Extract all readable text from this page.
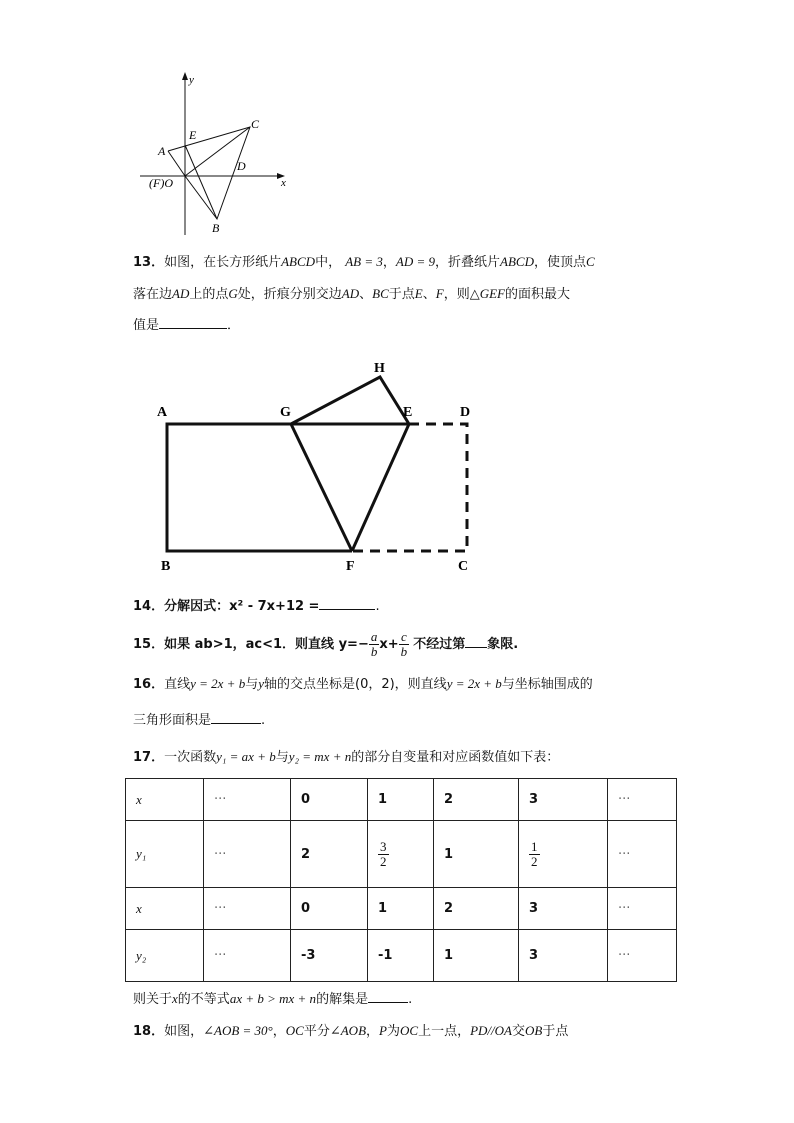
y
x
A
C
E
D
B
(F)O
13．如图，在长方形纸片ABCD中， AB = 3，AD = 9，折叠纸片ABCD，使顶点C
落在边AD上的点G处，折痕分别交边AD、BC于点E、F，则△GEF的面积最大
值是	．
A	G	E	D
H
B	F	C
14．分解因式：x² - 7x+12 =	.
15．如果 ab>1，ac<1．则直线 $y=- \frac{a}{b} x+ \frac{c}{b}$ 不经过第 象限.
16．直线y = 2x + b与y轴的交点坐标是(0，2)，则直线y = 2x + b与坐标轴围成的
三角形面积是	.
17．一次函数y₁ = ax + b与y₂ = mx + n的部分自变量和对应函数值如下表：
x	···	0	1	2	3	···
y₁	···	2	$\frac{3}{2}$	1	$\frac{1}{2}$	···
x	···	0	1	2	3	···
y₂	···	-3	-1	1	3	···
则关于x的不等式ax + b > mx + n的解集是	.
18．如图，∠AOB = 30°，OC平分∠AOB，P为OC上一点，PD//OA交OB于点
